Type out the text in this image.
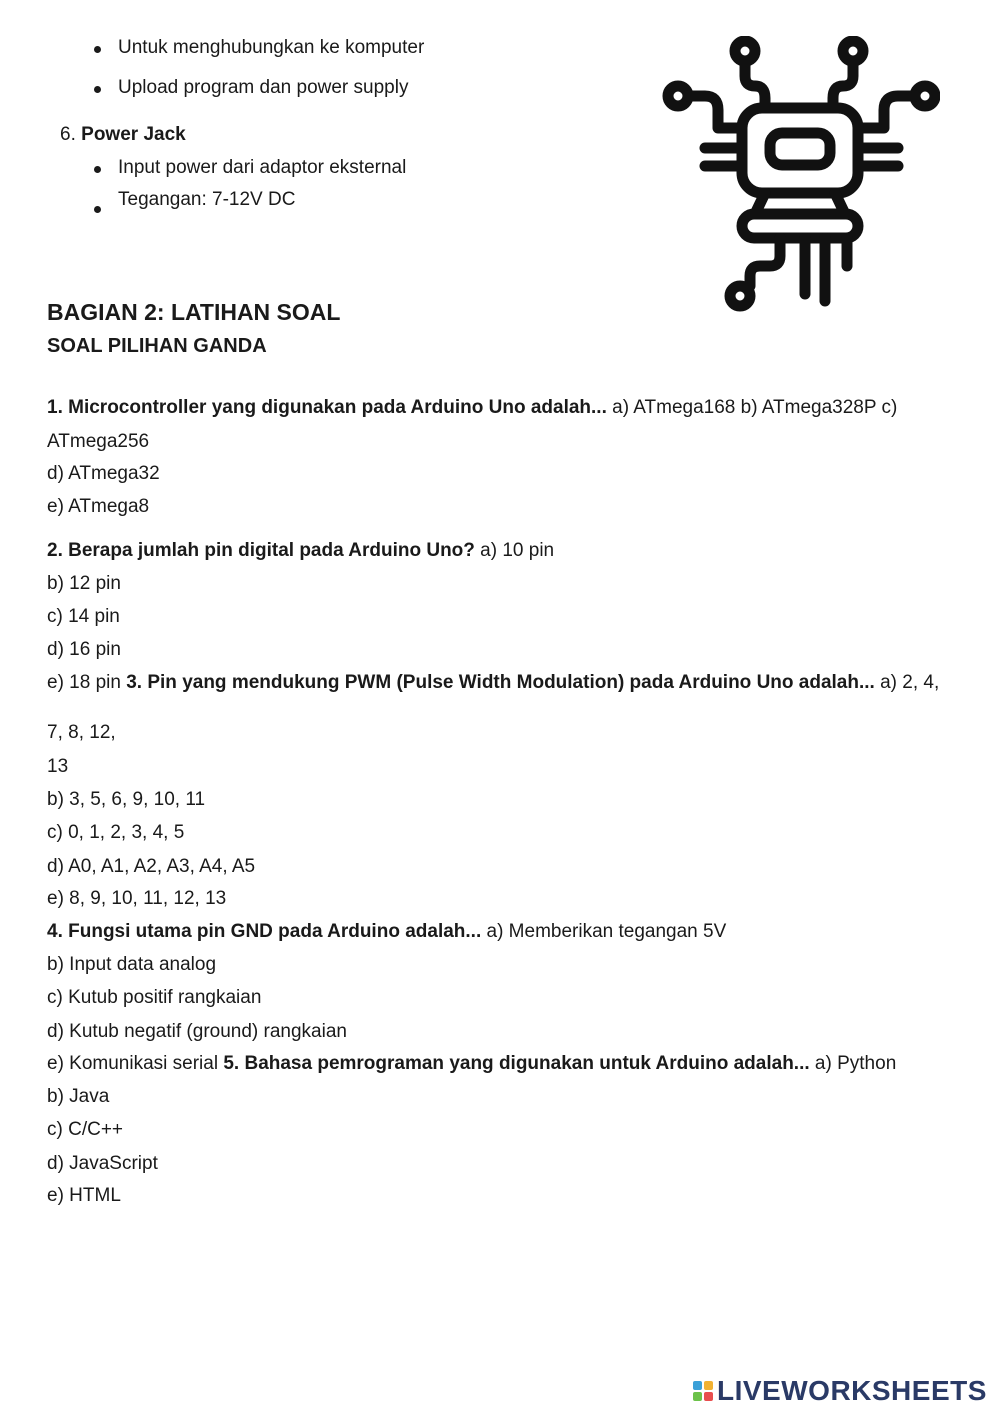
Untuk menghubungkan ke komputer
Upload program dan power supply
6. Power Jack
Input power dari adaptor eksternal
Tegangan: 7-12V DC
BAGIAN 2: LATIHAN SOAL
SOAL PILIHAN GANDA
1. Microcontroller yang digunakan pada Arduino Uno adalah... a) ATmega168 b) ATmega328P c)
ATmega256
d) ATmega32
e) ATmega8
2. Berapa jumlah pin digital pada Arduino Uno? a) 10 pin
b) 12 pin
c) 14 pin
d) 16 pin
e) 18 pin 3. Pin yang mendukung PWM (Pulse Width Modulation) pada Arduino Uno adalah... a) 2, 4,
7, 8, 12,
13
b) 3, 5, 6, 9, 10, 11
c) 0, 1, 2, 3, 4, 5
d) A0, A1, A2, A3, A4, A5
e) 8, 9, 10, 11, 12, 13
4. Fungsi utama pin GND pada Arduino adalah... a) Memberikan tegangan 5V
b) Input data analog
c) Kutub positif rangkaian
d) Kutub negatif (ground) rangkaian
e) Komunikasi serial 5. Bahasa pemrograman yang digunakan untuk Arduino adalah... a) Python
b) Java
c) C/C++
d) JavaScript
e) HTML
LIVEWORKSHEETS
